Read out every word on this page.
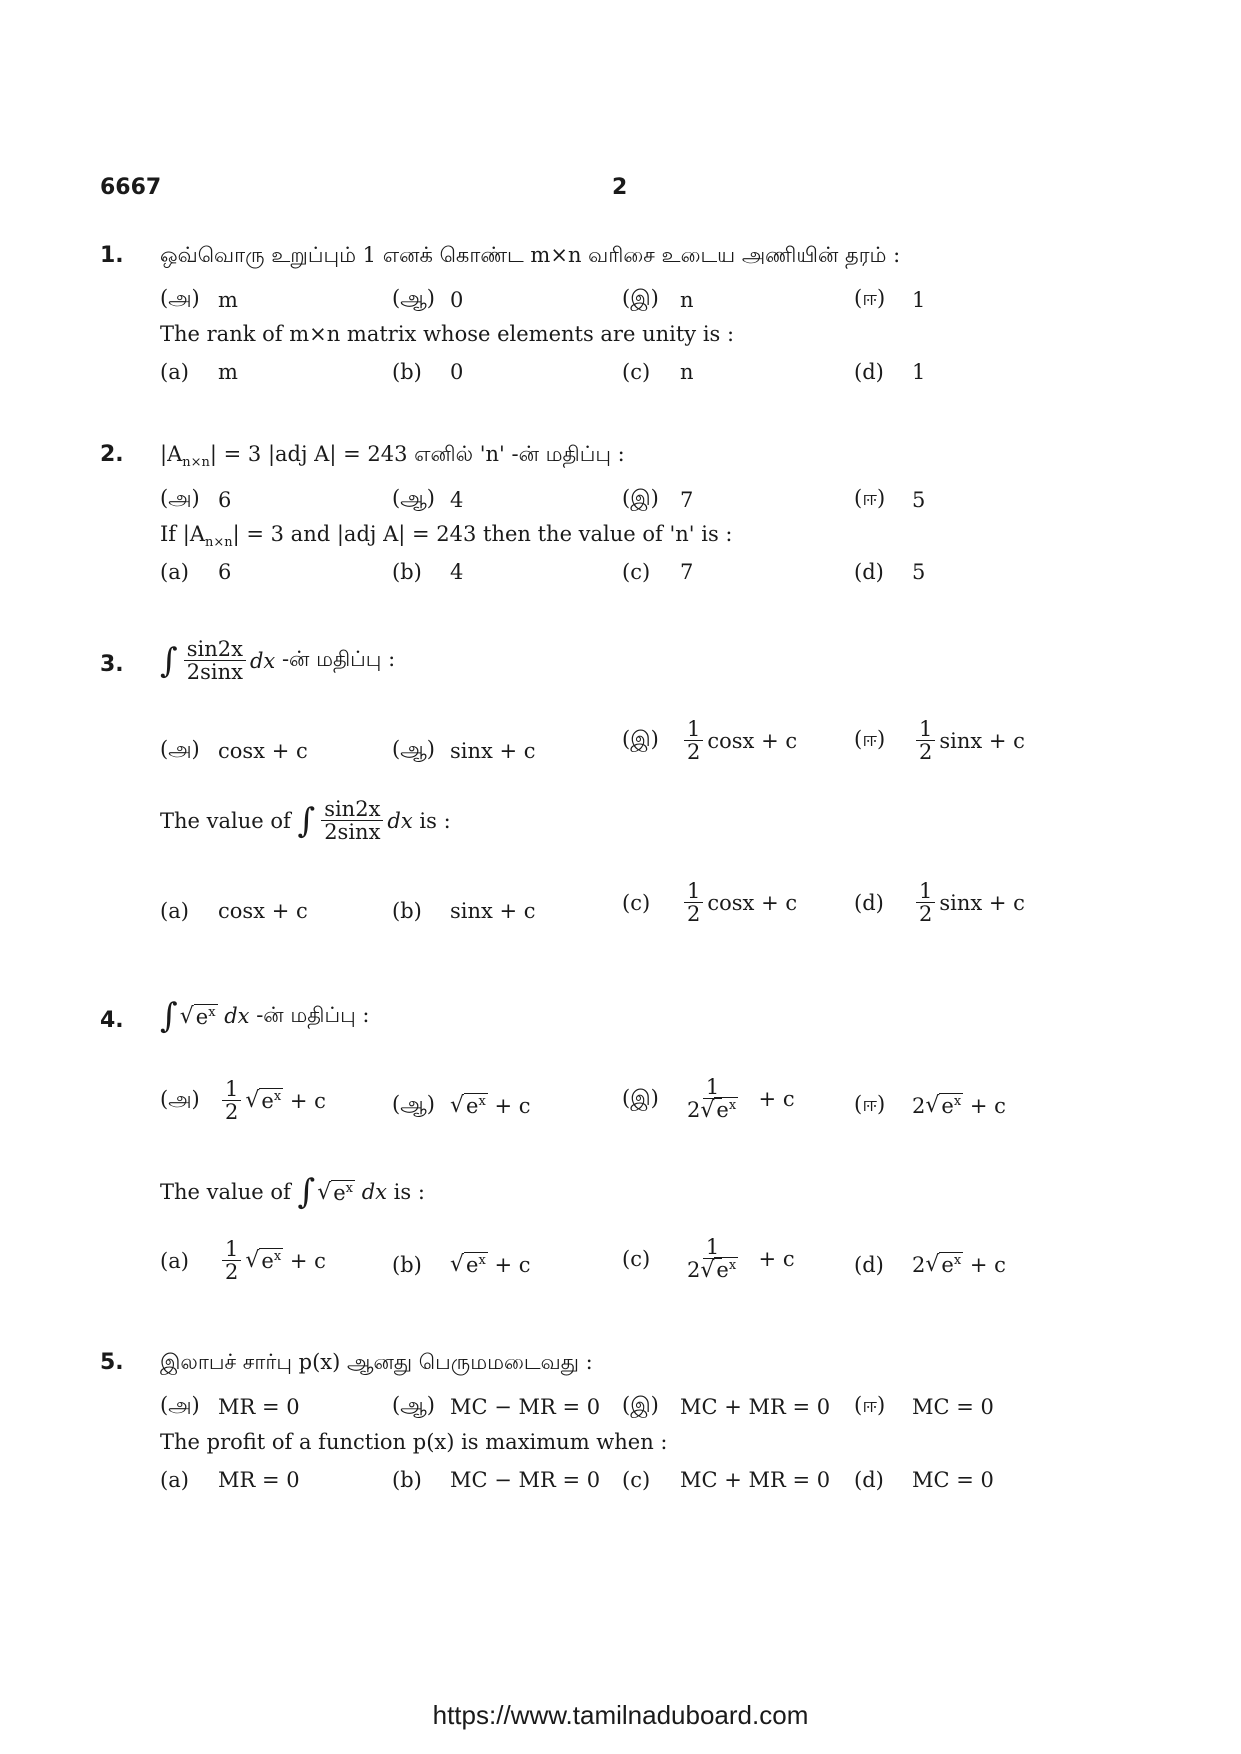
6667	2
1. ஒவ்வொரு உறுப்பும் 1 எனக் கொண்ட m×n வரிசை உடைய அணியின் தரம் :
(அ) m	(ஆ) 0	(இ)	n	(ஈ)	1
The rank of m×n matrix whose elements are unity is :
(a)	m	(b)	0	(c)	n	(d)	1
2. $|A_{n\times n}| = 3$ |adj A| = 243 எனில் 'n' -ன் மதிப்பு :
(அ) 6	(ஆ) 4	(இ)	7	(ஈ)	5
If $|A_{n\times n}| = 3$ and |adj A| = 243 then the value of 'n' is :
(a)	6	(b)	4	(c)	7	(d)	5
3. ∫ $\frac{\sin 2x}{2\sin x}$ dx
-ன் மதிப்பு :
(அ) cosx + c	(ஆ) sinx + c	(இ)	$\frac{1}{2}$ cosx + c	(ஈ)	$\frac{1}{2}$ sinx + c
The value of
∫ $\frac{\sin 2x}{2\sin x}$ dx
is :
(a)	cosx + c	(b)	sinx + c	(c)	$\frac{1}{2}$ cosx + c	(d)	$\frac{1}{2}$ sinx + c
4. ∫ √ $e^x$
dx
-ன் மதிப்பு :
(அ)	$\frac{1}{2}$ √ $e^x$
+ c	(ஆ) √ $e^x$
+ c	(இ)	$\frac{1}{2√e^x}$
+ c	(ஈ)	2 √ $e^x$
+ c
The value of
∫ √ $e^x$
dx
is :
(a)	$\frac{1}{2}$ √ $e^x$
+ c	(b)	√ $e^x$
+ c	(c)	$\frac{1}{2√e^x}$
+ c	(d)	2 √ $e^x$
+ c
5. இலாபச் சார்பு p(x) ஆனது பெருமமடைவது :
(அ) MR = 0	(ஆ) MC − MR = 0 (இ)	MC + MR = 0 (ஈ)	MC = 0
The profit of a function p(x) is maximum when :
(a)	MR = 0	(b)	MC − MR = 0 (c)	MC + MR = 0 (d)	MC = 0
https://www.tamilnaduboard.com
